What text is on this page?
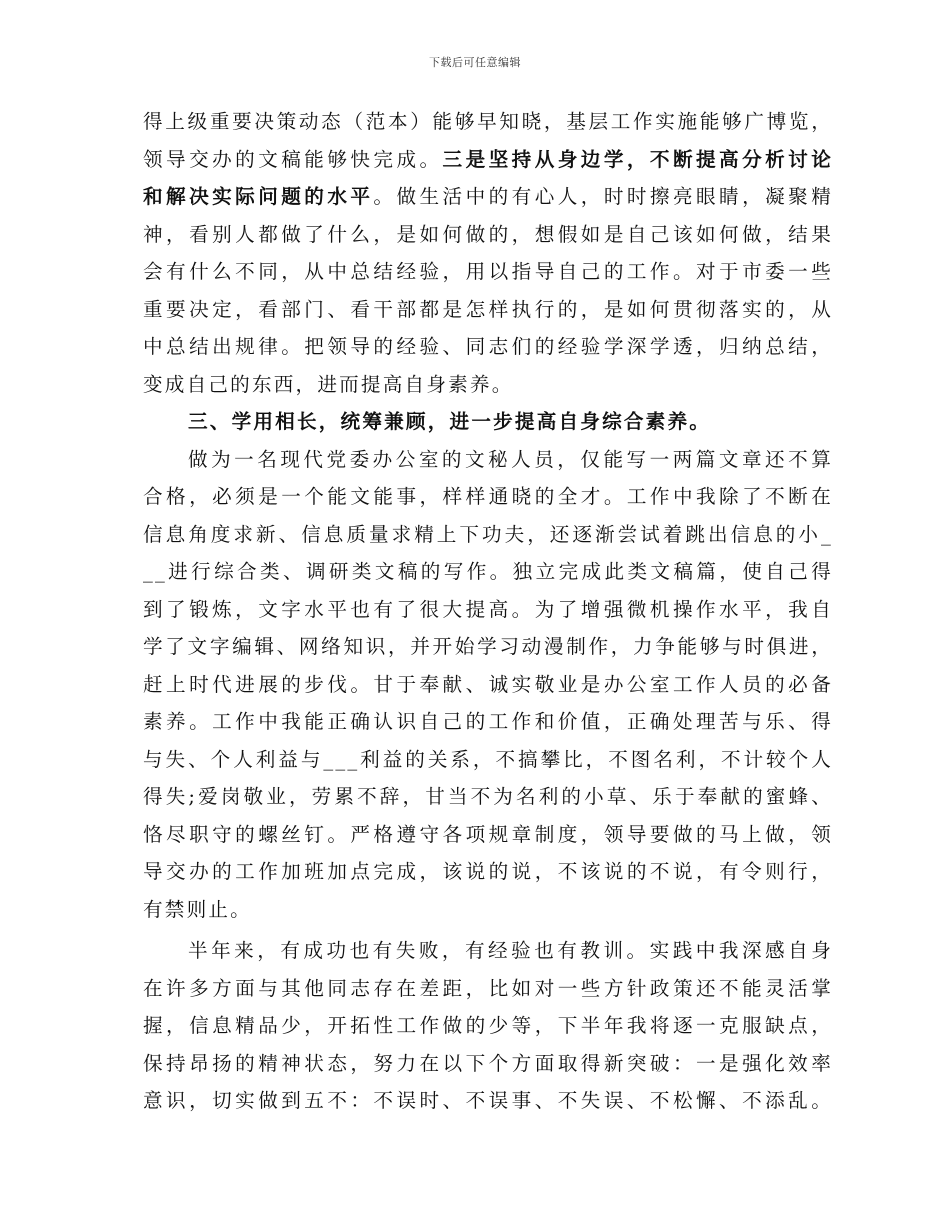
下载后可任意编辑
得上级重要决策动态（范本）能够早知晓，基层工作实施能够广博览，
领导交办的文稿能够快完成。三是坚持从身边学，不断提高分析讨论
和解决实际问题的水平。做生活中的有心人，时时擦亮眼睛，凝聚精
神，看别人都做了什么，是如何做的，想假如是自己该如何做，结果
会有什么不同，从中总结经验，用以指导自己的工作。对于市委一些
重要决定，看部门、看干部都是怎样执行的，是如何贯彻落实的，从
中总结出规律。把领导的经验、同志们的经验学深学透，归纳总结，
变成自己的东西，进而提高自身素养。
三、学用相长，统筹兼顾，进一步提高自身综合素养。
做为一名现代党委办公室的文秘人员，仅能写一两篇文章还不算
合格，必须是一个能文能事，样样通晓的全才。工作中我除了不断在
信息角度求新、信息质量求精上下功夫，还逐渐尝试着跳出信息的小_
__进行综合类、调研类文稿的写作。独立完成此类文稿篇，使自己得
到了锻炼，文字水平也有了很大提高。为了增强微机操作水平，我自
学了文字编辑、网络知识，并开始学习动漫制作，力争能够与时俱进，
赶上时代进展的步伐。甘于奉献、诚实敬业是办公室工作人员的必备
素养。工作中我能正确认识自己的工作和价值，正确处理苦与乐、得
与失、个人利益与___利益的关系，不搞攀比，不图名利，不计较个人
得失;爱岗敬业，劳累不辞，甘当不为名利的小草、乐于奉献的蜜蜂、
恪尽职守的螺丝钉。严格遵守各项规章制度，领导要做的马上做，领
导交办的工作加班加点完成，该说的说，不该说的不说，有令则行，
有禁则止。
半年来，有成功也有失败，有经验也有教训。实践中我深感自身
在许多方面与其他同志存在差距，比如对一些方针政策还不能灵活掌
握，信息精品少，开拓性工作做的少等，下半年我将逐一克服缺点，
保持昂扬的精神状态，努力在以下个方面取得新突破：一是强化效率
意识，切实做到五不：不误时、不误事、不失误、不松懈、不添乱。
